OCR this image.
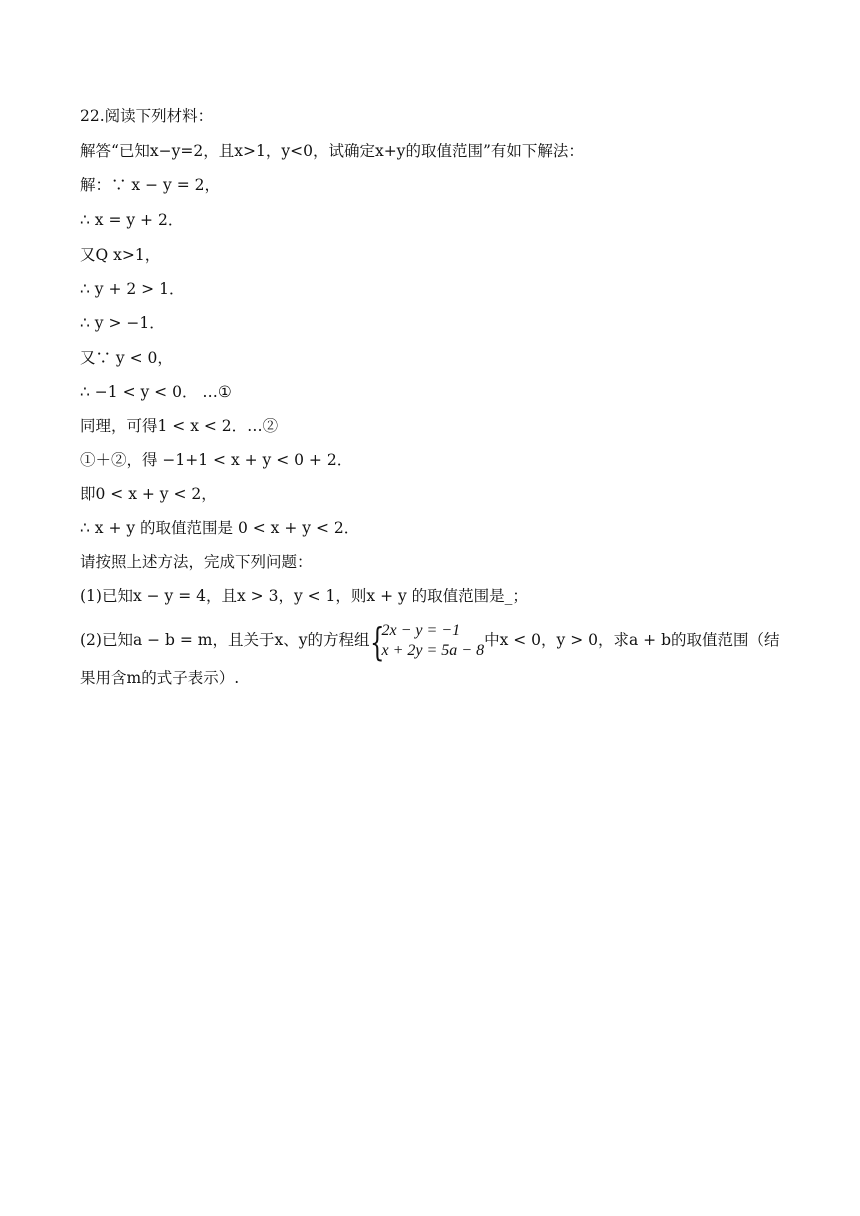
22.阅读下列材料：
解答“已知x−y=2，且x>1，y<0，试确定x+y的取值范围”有如下解法：
解：∵ x − y = 2，
∴ x = y + 2．
又Q x>1，
∴ y + 2 > 1．
∴ y > −1．
又∵ y < 0，
∴ −1 < y < 0． …①
同理，可得1 < x < 2．…②
①＋②，得 −1+1 < x + y < 0 + 2．
即0 < x + y < 2，
∴ x + y 的取值范围是 0 < x + y < 2．
请按照上述方法，完成下列问题：
(1)已知x − y = 4，且x > 3，y < 1，则x + y 的取值范围是_；
(2)已知a − b = m，且关于x、y的方程组 {
2x − y = −1
x + 2y = 5a − 8
中x < 0，y > 0，求a + b的取值范围（结
果用含m的式子表示）.
